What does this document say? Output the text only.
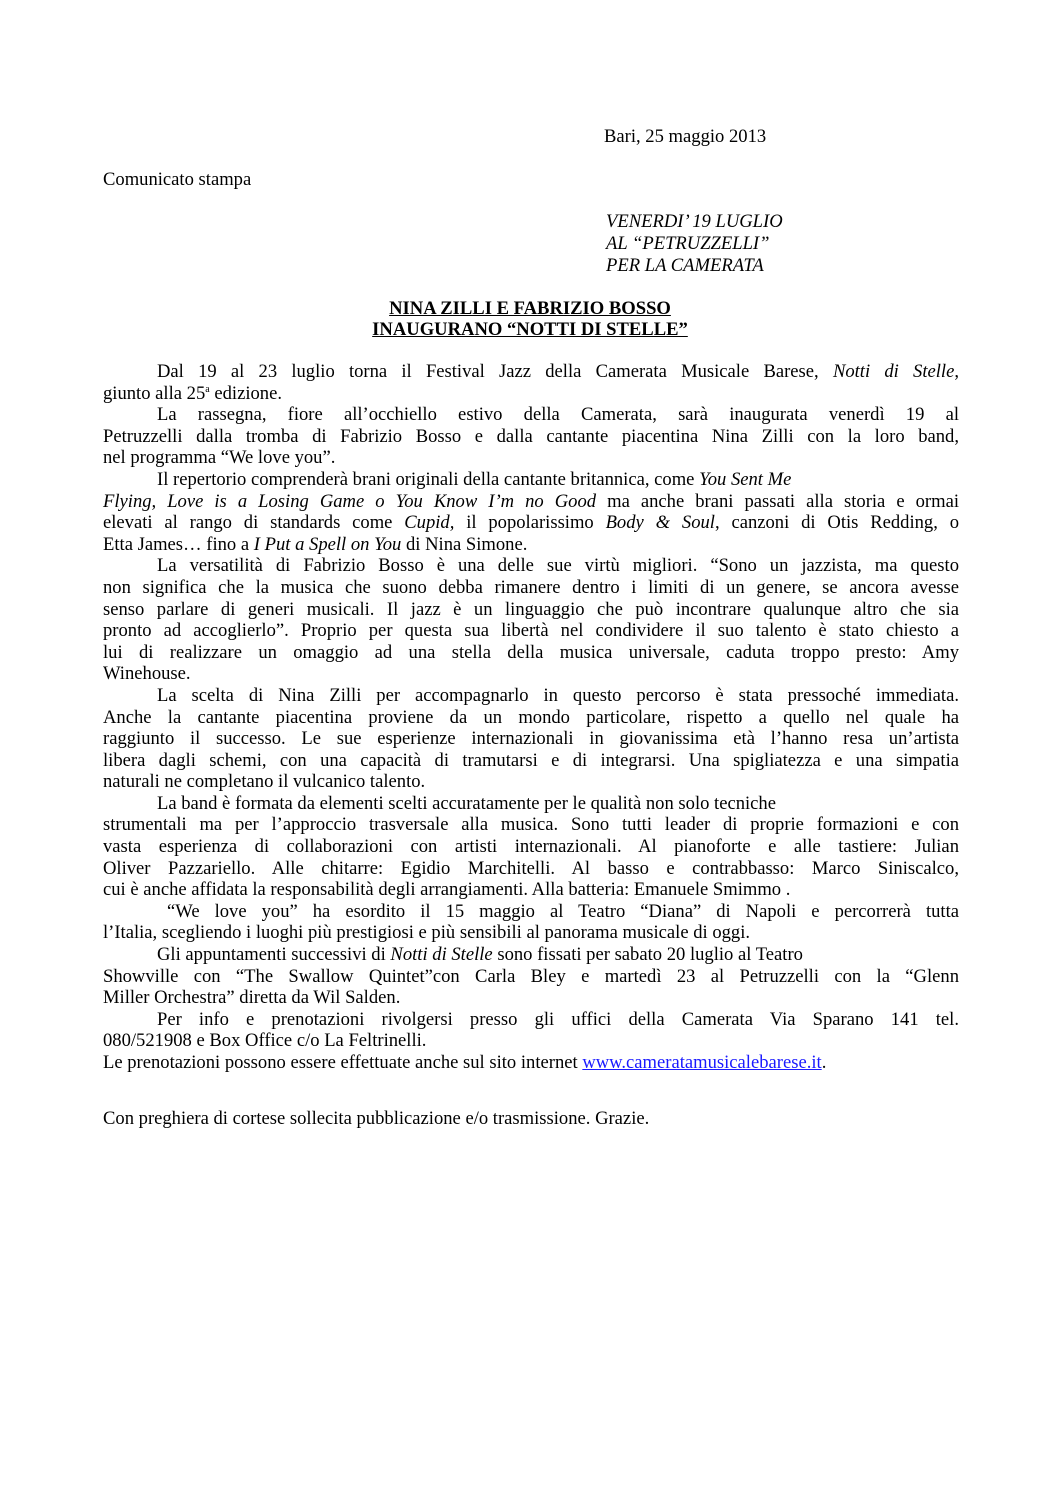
Bari, 25 maggio 2013
Comunicato stampa
VENERDI’ 19 LUGLIO
AL “PETRUZZELLI”
PER LA CAMERATA
NINA ZILLI E FABRIZIO BOSSO
INAUGURANO “NOTTI DI STELLE”
Dal 19 al 23 luglio torna il Festival Jazz della Camerata Musicale Barese, Notti di Stelle,
giunto alla 25$^a$ edizione.
La rassegna, fiore all’occhiello estivo della Camerata, sarà inaugurata venerdì 19 al
Petruzzelli dalla tromba di Fabrizio Bosso e dalla cantante piacentina Nina Zilli con la loro band,
nel programma “We love you”.
Il repertorio comprenderà brani originali della cantante britannica, come You Sent Me
Flying, Love is a Losing Game o You Know I’m no Good ma anche brani passati alla storia e ormai
elevati al rango di standards come Cupid, il popolarissimo Body & Soul, canzoni di Otis Redding, o
Etta James… fino a I Put a Spell on You di Nina Simone.
La versatilità di Fabrizio Bosso è una delle sue virtù migliori. “Sono un jazzista, ma questo
non significa che la musica che suono debba rimanere dentro i limiti di un genere, se ancora avesse
senso parlare di generi musicali. Il jazz è un linguaggio che può incontrare qualunque altro che sia
pronto ad accoglierlo”. Proprio per questa sua libertà nel condividere il suo talento è stato chiesto a
lui di realizzare un omaggio ad una stella della musica universale, caduta troppo presto: Amy
Winehouse.
La scelta di Nina Zilli per accompagnarlo in questo percorso è stata pressoché immediata.
Anche la cantante piacentina proviene da un mondo particolare, rispetto a quello nel quale ha
raggiunto il successo. Le sue esperienze internazionali in giovanissima età l’hanno resa un’artista
libera dagli schemi, con una capacità di tramutarsi e di integrarsi. Una spigliatezza e una simpatia
naturali ne completano il vulcanico talento.
La band è formata da elementi scelti accuratamente per le qualità non solo tecniche
strumentali ma per l’approccio trasversale alla musica. Sono tutti leader di proprie formazioni e con
vasta esperienza di collaborazioni con artisti internazionali. Al pianoforte e alle tastiere: Julian
Oliver Pazzariello. Alle chitarre: Egidio Marchitelli. Al basso e contrabbasso: Marco Siniscalco,
cui è anche affidata la responsabilità degli arrangiamenti. Alla batteria: Emanuele Smimmo .
“We love you” ha esordito il 15 maggio al Teatro “Diana” di Napoli e percorrerà tutta
l’Italia, scegliendo i luoghi più prestigiosi e più sensibili al panorama musicale di oggi.
Gli appuntamenti successivi di Notti di Stelle sono fissati per sabato 20 luglio al Teatro
Showville con “The Swallow Quintet”con Carla Bley e martedì 23 al Petruzzelli con la “Glenn
Miller Orchestra” diretta da Wil Salden.
Per info e prenotazioni rivolgersi presso gli uffici della Camerata Via Sparano 141 tel.
080/521908 e Box Office c/o La Feltrinelli.
Le prenotazioni possono essere effettuate anche sul sito internet www.cameratamusicalebarese.it.
Con preghiera di cortese sollecita pubblicazione e/o trasmissione. Grazie.
